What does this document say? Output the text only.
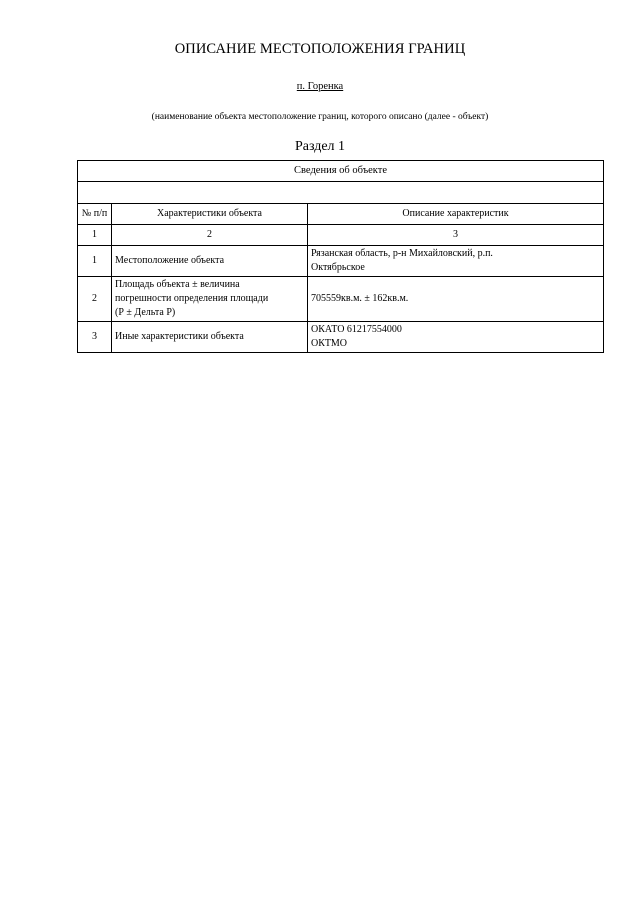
ОПИСАНИЕ МЕСТОПОЛОЖЕНИЯ ГРАНИЦ
п. Горенка
(наименование объекта местоположение границ, которого описано (далее - объект)
Раздел 1
Сведения об объекте		

№ п/п	Характеристики объекта	Описание характеристик
1	2	3
1	Местоположение объекта	Рязанская область, р-н Михайловский, р.п.
Октябрьское

2	Площадь объекта ± величина
погрешности определения площади
(Р ± Дельта Р)	705559кв.м. ± 162кв.м.
3	Иные характеристики объекта	ОКАТО 61217554000
ОКТМО
